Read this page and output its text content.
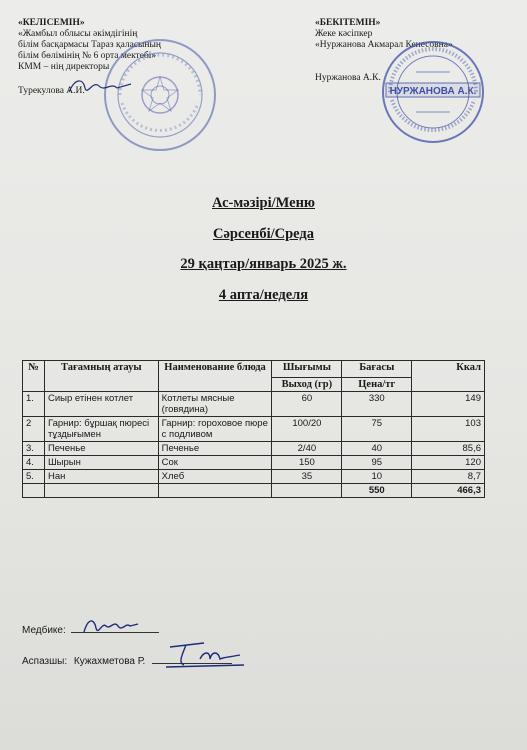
«КЕЛІСЕМІН»
«Жамбыл облысы әкімдігінің
білім басқармасы Тараз қаласының
білім бөлімінің № 6 орта мектебі»
КММ – нің директоры
Турекулова А.И.
«БЕКІТЕМІН»
Жеке кәсіпкер
«Нуржанова Акмарал Кенесовна»
Нуржанова А.К.
НУРЖАНОВА А.К.
Ас-мәзірі/Меню
Сәрсенбі/Среда
29 қаңтар/январь 2025 ж.
4 апта/неделя
№	Тағамның атауы	Наименование блюда	Шығымы	Бағасы	Ккал
			Выход (гр)	Цена/тг	
1.	Сиыр етінен котлет	Котлеты мясные (говядина)	60	330	149
2	Гарнир: бұршақ пюресі тұздығымен	Гарнир: гороховое пюре с подливом	100/20	75	103
3.	Печенье	Печенье	2/40	40	85,6
4.	Шырын	Сок	150	95	120
5.	Нан	Хлеб	35	10	8,7
				550	466,3
Медбике:
Аспазшы: Кужахметова Р.
